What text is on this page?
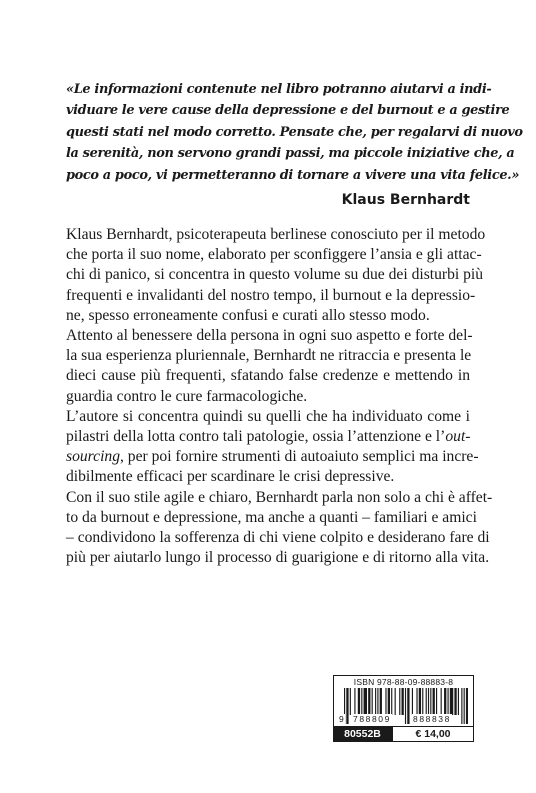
«Le informazioni contenute nel libro potranno aiutarvi a indi-
viduare le vere cause della depressione e del burnout e a gestire
questi stati nel modo corretto. Pensate che, per regalarvi di nuovo
la serenità, non servono grandi passi, ma piccole iniziative che, a
poco a poco, vi permetteranno di tornare a vivere una vita felice.»
Klaus Bernhardt

Klaus Bernhardt, psicoterapeuta berlinese conosciuto per il metodo
che porta il suo nome, elaborato per sconfiggere l’ansia e gli attac-
chi di panico, si concentra in questo volume su due dei disturbi più
frequenti e invalidanti del nostro tempo, il burnout e la depressio-
ne, spesso erroneamente confusi e curati allo stesso modo.

Attento al benessere della persona in ogni suo aspetto e forte del-
la sua esperienza pluriennale, Bernhardt ne ritraccia e presenta le
dieci cause più frequenti, sfatando false credenze e mettendo in
guardia contro le cure farmacologiche.

L’autore si concentra quindi su quelli che ha individuato come i
pilastri della lotta contro tali patologie, ossia l’attenzione e l’out-
sourcing, per poi fornire strumenti di autoaiuto semplici ma incre-
dibilmente efficaci per scardinare le crisi depressive.

Con il suo stile agile e chiaro, Bernhardt parla non solo a chi è affet-
to da burnout e depressione, ma anche a quanti – familiari e amici
– condividono la sofferenza di chi viene colpito e desiderano fare di
più per aiutarlo lungo il processo di guarigione e di ritorno alla vita.

ISBN 978-88-09-88883-8
9 788809	888838
80552B	€ 14,00
